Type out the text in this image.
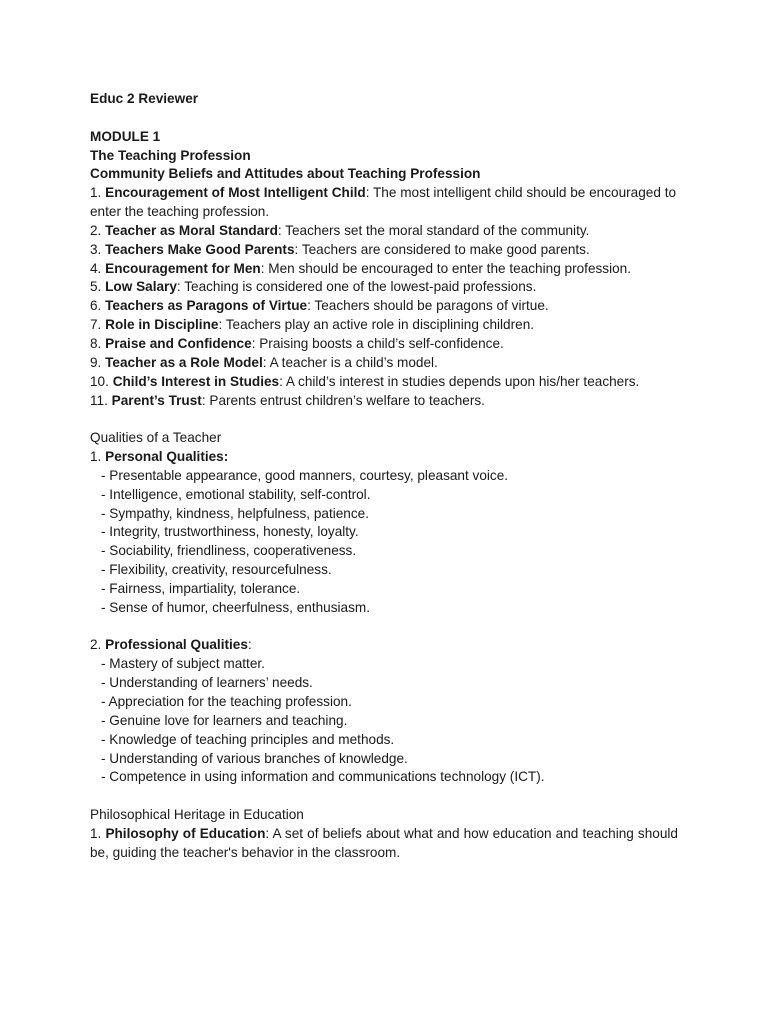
Educ 2 Reviewer
MODULE 1
The Teaching Profession
Community Beliefs and Attitudes about Teaching Profession
1. Encouragement of Most Intelligent Child: The most intelligent child should be encouraged to enter the teaching profession.
2. Teacher as Moral Standard: Teachers set the moral standard of the community.
3. Teachers Make Good Parents: Teachers are considered to make good parents.
4. Encouragement for Men: Men should be encouraged to enter the teaching profession.
5. Low Salary: Teaching is considered one of the lowest-paid professions.
6. Teachers as Paragons of Virtue: Teachers should be paragons of virtue.
7. Role in Discipline: Teachers play an active role in disciplining children.
8. Praise and Confidence: Praising boosts a child’s self-confidence.
9. Teacher as a Role Model: A teacher is a child’s model.
10. Child’s Interest in Studies: A child’s interest in studies depends upon his/her teachers.
11. Parent’s Trust: Parents entrust children’s welfare to teachers.
Qualities of a Teacher
1. Personal Qualities:
- Presentable appearance, good manners, courtesy, pleasant voice.
- Intelligence, emotional stability, self-control.
- Sympathy, kindness, helpfulness, patience.
- Integrity, trustworthiness, honesty, loyalty.
- Sociability, friendliness, cooperativeness.
- Flexibility, creativity, resourcefulness.
- Fairness, impartiality, tolerance.
- Sense of humor, cheerfulness, enthusiasm.
2. Professional Qualities:
- Mastery of subject matter.
- Understanding of learners’ needs.
- Appreciation for the teaching profession.
- Genuine love for learners and teaching.
- Knowledge of teaching principles and methods.
- Understanding of various branches of knowledge.
- Competence in using information and communications technology (ICT).
Philosophical Heritage in Education
1. Philosophy of Education: A set of beliefs about what and how education and teaching should be, guiding the teacher's behavior in the classroom.
